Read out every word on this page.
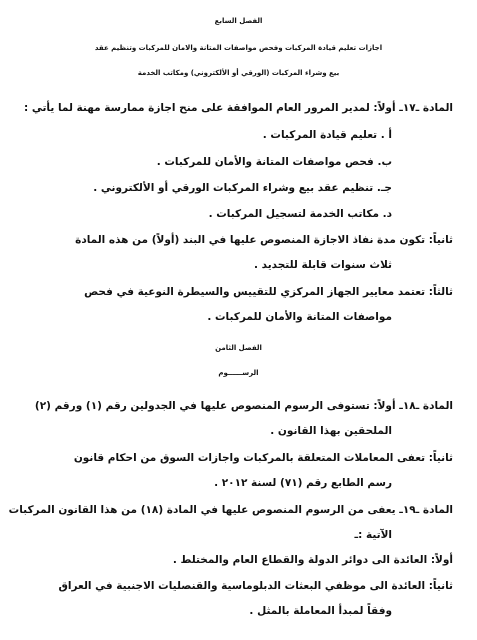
الفصل السابع
اجازات تعليم قيادة المركبات وفحص مواصفات المتانة والامان للمركبات وتنظيم عقد
بيع وشراء المركبات (الورقي أو الألكتروني) ومكاتب الخدمة
المادة ـ١٧ـ أولاً: لمدير المرور العام الموافقة على منح اجازة ممارسة مهنة لما يأتي :
أ . تعليم قيادة المركبات .
ب. فحص مواصفات المتانة والأمان للمركبات .
جـ. تنظيم عقد بيع وشراء المركبات الورقي أو الألكتروني .
د. مكاتب الخدمة لتسجيل المركبات .
ثانياً: تكون مدة نفاذ الاجازة المنصوص عليها في البند (أولاً) من هذه المادة
ثلاث سنوات قابلة للتجديد .
ثالثاً: تعتمد معايير الجهاز المركزي للتقييس والسيطرة النوعية في فحص
مواصفات المتانة والأمان للمركبات .
الفصل الثامن
الرســــــوم
المادة ـ١٨ـ أولاً: تستوفى الرسوم المنصوص عليها في الجدولين رقم (١) ورقم (٢)
الملحقين بهذا القانون .
ثانياً: تعفى المعاملات المتعلقة بالمركبات واجازات السوق من احكام قانون
رسم الطابع رقم (٧١) لسنة ٢٠١٢ .
المادة ـ١٩ـ يعفى من الرسوم المنصوص عليها في المادة (١٨) من هذا القانون المركبات
الآتية :ـ
أولاً: العائدة الى دوائر الدولة والقطاع العام والمختلط .
ثانياً: العائدة الى موظفي البعثات الدبلوماسية والقنصليات الاجنبية في العراق
وفقاً لمبدأ المعاملة بالمثل .
